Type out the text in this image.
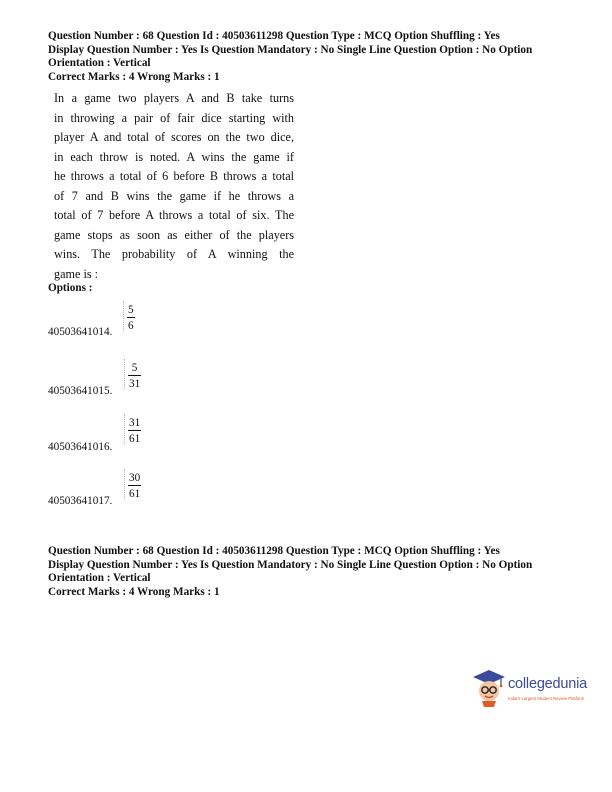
Question Number : 68 Question Id : 40503611298 Question Type : MCQ Option Shuffling : Yes
Display Question Number : Yes Is Question Mandatory : No Single Line Question Option : No Option
Orientation : Vertical
Correct Marks : 4 Wrong Marks : 1
In a game two players A and B take turns
in throwing a pair of fair dice starting with
player A and total of scores on the two dice,
in each throw is noted. A wins the game if
he throws a total of 6 before B throws a total
of 7 and B wins the game if he throws a
total of 7 before A throws a total of six. The
game stops as soon as either of the players
wins. The probability of A winning the
game is :
Options :
40503641014.
5
6
40503641015.
5
31
40503641016.
31
61
40503641017.
30
61
Question Number : 68 Question Id : 40503611298 Question Type : MCQ Option Shuffling : Yes
Display Question Number : Yes Is Question Mandatory : No Single Line Question Option : No Option
Orientation : Vertical
Correct Marks : 4 Wrong Marks : 1
collegedunia
India's Largest Student Review Platform
